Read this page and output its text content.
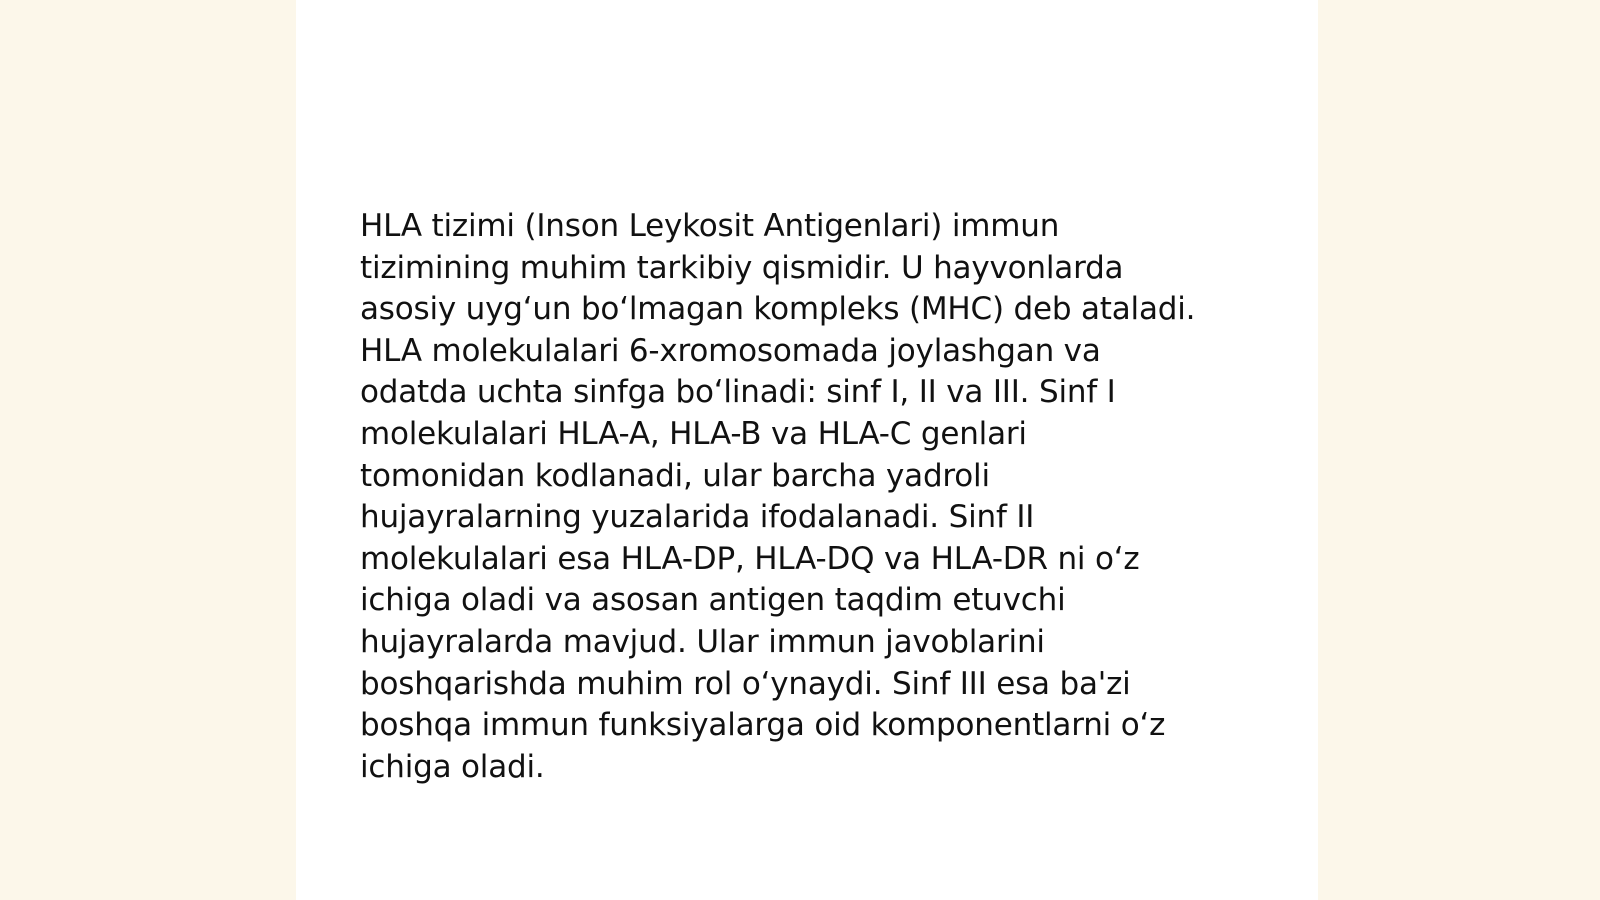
HLA tizimi (Inson Leykosit Antigenlari) immun
tizimining muhim tarkibiy qismidir. U hayvonlarda
asosiy uyg‘un bo‘lmagan kompleks (MHC) deb ataladi.
HLA molekulalari 6-xromosomada joylashgan va
odatda uchta sinfga bo‘linadi: sinf I, II va III. Sinf I
molekulalari HLA-A, HLA-B va HLA-C genlari
tomonidan kodlanadi, ular barcha yadroli
hujayralarning yuzalarida ifodalanadi. Sinf II
molekulalari esa HLA-DP, HLA-DQ va HLA-DR ni o‘z
ichiga oladi va asosan antigen taqdim etuvchi
hujayralarda mavjud. Ular immun javoblarini
boshqarishda muhim rol o‘ynaydi. Sinf III esa ba'zi
boshqa immun funksiyalarga oid komponentlarni o‘z
ichiga oladi.
